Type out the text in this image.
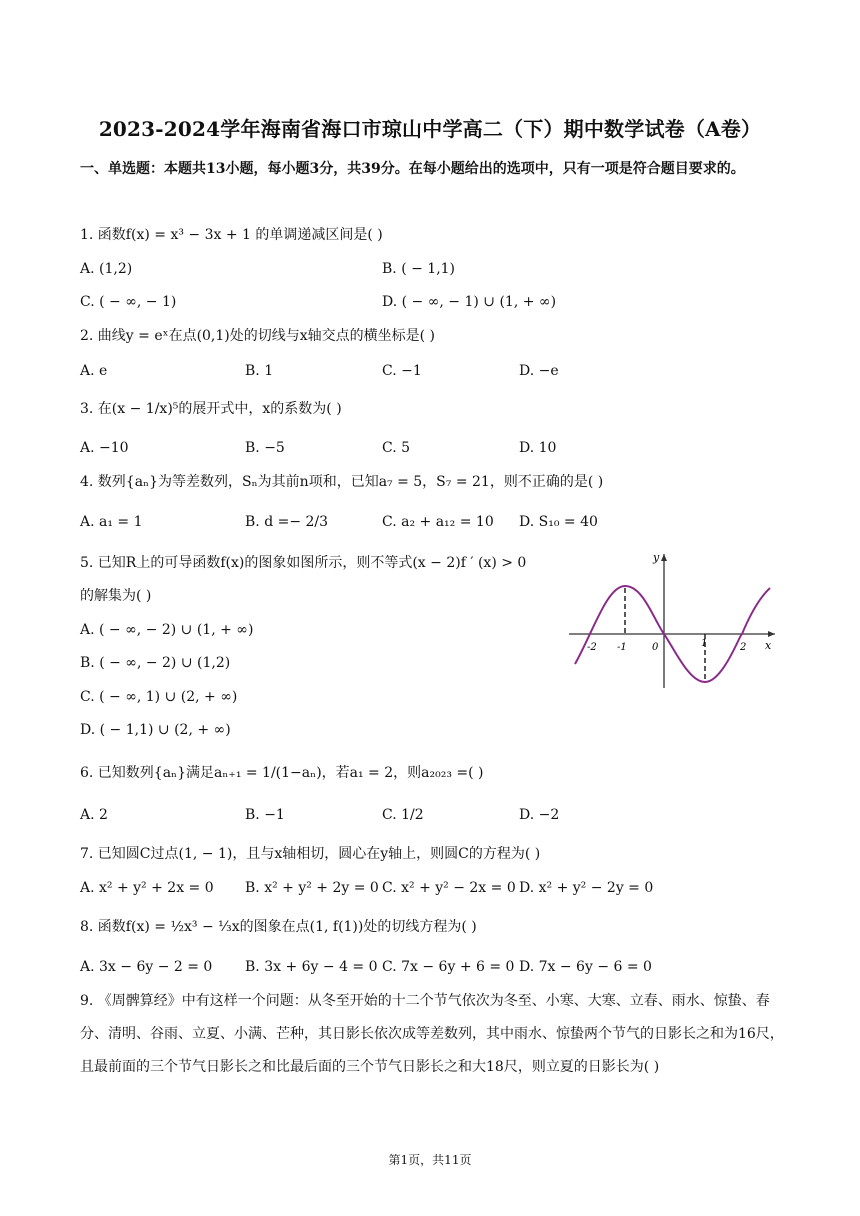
2023-2024学年海南省海口市琼山中学高二（下）期中数学试卷（A卷）
一、单选题：本题共13小题，每小题3分，共39分。在每小题给出的选项中，只有一项是符合题目要求的。
1. 函数f(x) = x³ − 3x + 1 的单调递减区间是( )
A. (1,2)	B. ( − 1,1)
C. ( − ∞, − 1)	D. ( − ∞, − 1) ∪ (1, + ∞)
2. 曲线y = eˣ在点(0,1)处的切线与x轴交点的横坐标是( )
A. e	B. 1	C. −1	D. −e
3. 在(x − 1/x)⁵的展开式中，x的系数为( )
A. −10	B. −5	C. 5	D. 10
4. 数列{aₙ}为等差数列，Sₙ为其前n项和，已知a₇ = 5，S₇ = 21，则不正确的是( )
A. a₁ = 1	B. d =− 2/3	C. a₂ + a₁₂ = 10 D. S₁₀ = 40
5. 已知R上的可导函数f(x)的图象如图所示，则不等式(x − 2)f ′ (x) > 0
的解集为( )
A. ( − ∞, − 2) ∪ (1, + ∞)
B. ( − ∞, − 2) ∪ (1,2)
C. ( − ∞, 1) ∪ (2, + ∞)
D. ( − 1,1) ∪ (2, + ∞)
x
y
-2 -1	0	1	2
6. 已知数列{aₙ}满足aₙ₊₁ = 1/(1−aₙ)，若a₁ = 2，则a₂₀₂₃ =( )
A. 2	B. −1	C. 1/2	D. −2
7. 已知圆C过点(1, − 1)，且与x轴相切，圆心在y轴上，则圆C的方程为( )
A. x² + y² + 2x = 0 B. x² + y² + 2y = 0 C. x² + y² − 2x = 0 D. x² + y² − 2y = 0
8. 函数f(x) = ½x³ − ⅓x的图象在点(1, f(1))处的切线方程为( )
A. 3x − 6y − 2 = 0 B. 3x + 6y − 4 = 0 C. 7x − 6y + 6 = 0 D. 7x − 6y − 6 = 0
9. 《周髀算经》中有这样一个问题：从冬至开始的十二个节气依次为冬至、小寒、大寒、立春、雨水、惊蛰、春分、清明、谷雨、立夏、小满、芒种，其日影长依次成等差数列，其中雨水、惊蛰两个节气的日影长之和为16尺，且最前面的三个节气日影长之和比最后面的三个节气日影长之和大18尺，则立夏的日影长为( )
第1页，共11页
